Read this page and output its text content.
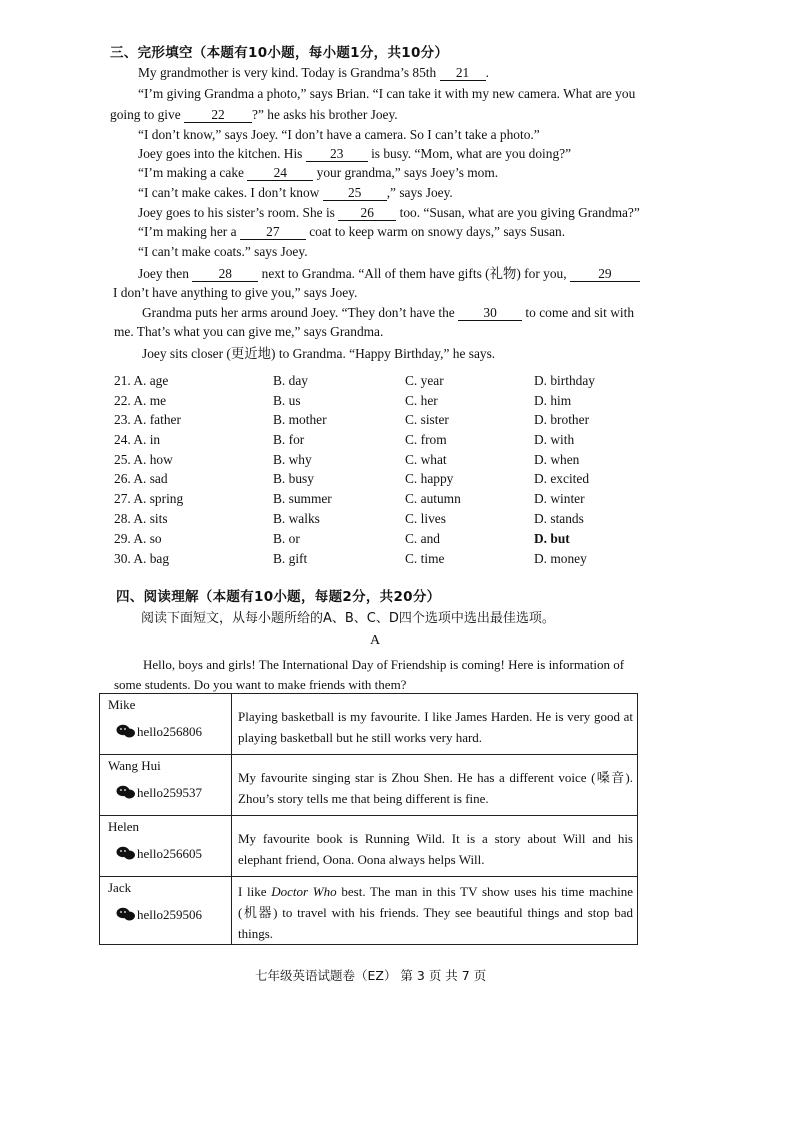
三、完形填空（本题有10小题，每小题1分，共10分）
My grandmother is very kind. Today is Grandma’s 85th 21 .
“I’m giving Grandma a photo,” says Brian. “I can take it with my new camera. What are you
going to give 22 ?” he asks his brother Joey.
“I don’t know,” says Joey. “I don’t have a camera. So I can’t take a photo.”
Joey goes into the kitchen. His 23 is busy. “Mom, what are you doing?”
“I’m making a cake 24 your grandma,” says Joey’s mom.
“I can’t make cakes. I don’t know 25 ,” says Joey.
Joey goes to his sister’s room. She is 26 too. “Susan, what are you giving Grandma?”
“I’m making her a 27 coat to keep warm on snowy days,” says Susan.
“I can’t make coats.” says Joey.
Joey then 28 next to Grandma. “All of them have gifts (礼物) for you, 29
I don’t have anything to give you,” says Joey.
Grandma puts her arms around Joey. “They don’t have the 30 to come and sit with
me. That’s what you can give me,” says Grandma.
Joey sits closer (更近地) to Grandma. “Happy Birthday,” he says.
21. A. age	B. day	C. year	D. birthday
22. A. me	B. us	C. her	D. him
23. A. father	B. mother	C. sister	D. brother
24. A. in	B. for	C. from	D. with
25. A. how	B. why	C. what	D. when
26. A. sad	B. busy	C. happy	D. excited
27. A. spring	B. summer	C. autumn	D. winter
28. A. sits	B. walks	C. lives	D. stands
29. A. so	B. or	C. and	D. but
30. A. bag	B. gift	C. time	D. money
四、阅读理解（本题有10小题，每题2分，共20分）
阅读下面短文，从每小题所给的A、B、C、D四个选项中选出最佳选项。
A
Hello, boys and girls! The International Day of Friendship is coming! Here is information of
some students. Do you want to make friends with them?
Mike
hello256806	Playing basketball is my favourite. I like James Harden. He is very good at playing basketball but he still works very hard.

Wang Hui
hello259537	My favourite singing star is Zhou Shen. He has a different voice (嗓音). Zhou’s story tells me that being different is fine.

Helen
hello256605	My favourite book is Running Wild. It is a story about Will and his elephant friend, Oona. Oona always helps Will.

Jack
hello259506	I like Doctor Who best. The man in this TV show uses his time machine (机器) to travel with his friends. They see beautiful things and stop bad things.
七年级英语试题卷（EZ） 第 3 页 共 7 页
